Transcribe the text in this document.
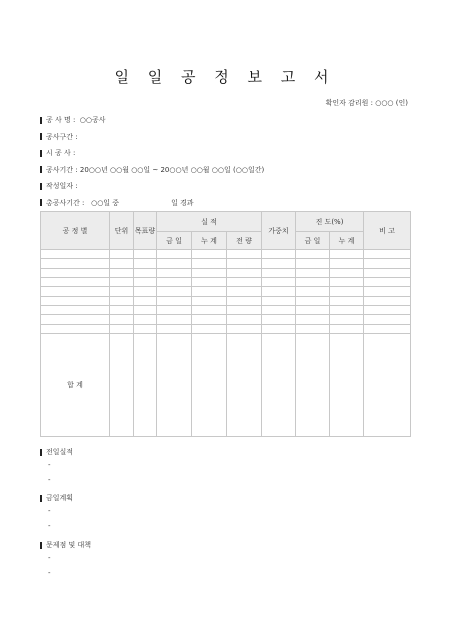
일 일 공 정 보 고 서
확인자 감리원 : ○○○ (인)
공 사 명 :
○○공사
공사구간 :
시 공 사 :
공사기간 :
20○○년 ○○월 ○○일 ~ 20○○년 ○○월 ○○일 (○○일간)
작성일자 :
총공사기간 :
○○일 중	일 경과
공 정 별	단위	목표량	실 적			가중치	진 도(%)		비 고
			금 일	누 계	전 량		금 일	누 계	

합 계									
전일실적
-
-
금일계획
-
-
문제점 및 대책
-
-
